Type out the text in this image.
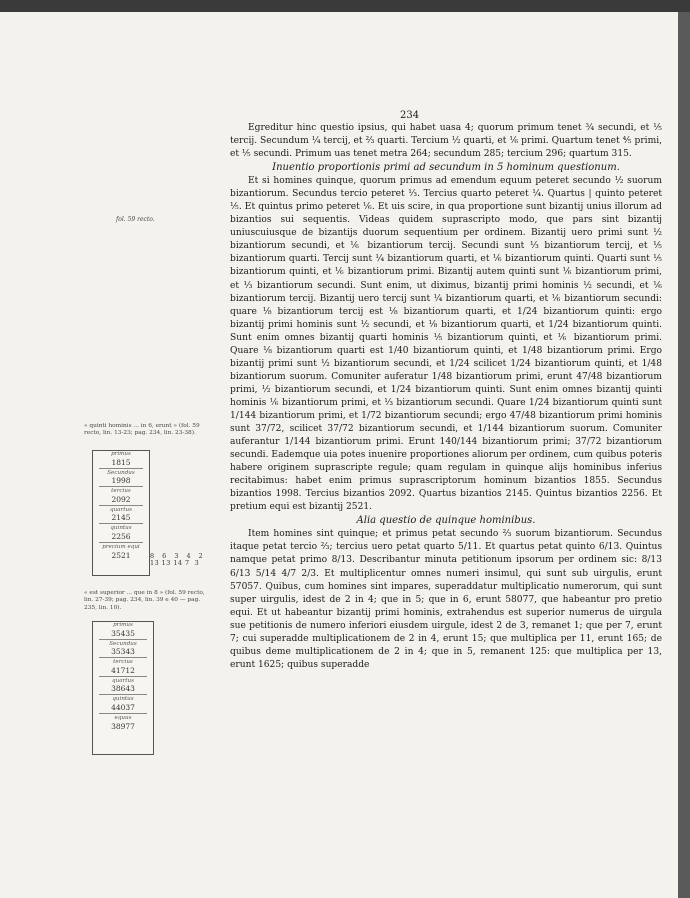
234
fol. 59 recto.
« quinti hominis ... in 6, erunt » (fol. 59 recto, lin. 13-23; pag. 234, lin. 23-38).
primus
1815
Secundus
1998
tercius
2092
quartus
2145
quintus
2256
precium equi
2521	8   6   3   4   2
13 13 14 7  3
« est superior ... que in 8 » (fol. 59 recto, lin. 27-39; pag. 234, lin. 39 e 40 — pag. 235, lin. 10).
primus
35435
Secundus
35343
tercius
41712
quartus
38643
quintus
44037
equus
38977

Egreditur hinc questio ipsius, qui habet uasa 4; quorum primum tenet ¾ secundi, et ⅕ tercij. Secundum ¼ tercij, et ⅔ quarti. Tercium ½ quarti, et ⅙ primi. Quartum tenet ⅘ primi, et ⅕ secundi. Primum uas tenet metra 264; secundum 285; tercium 296; quartum 315.

Inuentio proportionis primi ad secundum in 5 hominum questionum.

Et si homines quinque, quorum primus ad emendum equum peteret secundo ½ suorum bizantiorum. Secundus tercio peteret ⅓. Tercius quarto peteret ¼. Quartus | quinto peteret ⅕. Et quintus primo peteret ⅙. Et uis scire, in qua proportione sunt bizantij unius illorum ad bizantios sui sequentis. Videas quidem suprascripto modo, que pars sint bizantij uniuscuiusque de bizantijs duorum sequentium per ordinem. Bizantij uero primi sunt ½ bizantiorum secundi, et ⅙ bizantiorum tercij. Secundi sunt ⅓ bizantiorum tercij, et ⅕ bizantiorum quarti. Tercij sunt ¼ bizantiorum quarti, et ⅙ bizantiorum quinti. Quarti sunt ⅕ bizantiorum quinti, et ⅙ bizantiorum primi. Bizantij autem quinti sunt ⅙ bizantiorum primi, et ⅓ bizantiorum secundi. Sunt enim, ut diximus, bizantij primi hominis ½ secundi, et ⅙ bizantiorum tercij. Bizantij uero tercij sunt ¼ bizantiorum quarti, et ⅙ bizantiorum secundi: quare ⅛ bizantiorum tercij est ⅛ bizantiorum quarti, et 1/24 bizantiorum quinti: ergo bizantij primi hominis sunt ½ secundi, et ⅛ bizantiorum quarti, et 1/24 bizantiorum quinti. Sunt enim omnes bizantij quarti hominis ⅕ bizantiorum quinti, et ⅙ bizantiorum primi. Quare ⅛ bizantiorum quarti est 1/40 bizantiorum quinti, et 1/48 bizantiorum primi. Ergo bizantij primi sunt ½ bizantiorum secundi, et 1/24 scilicet 1/24 bizantiorum quinti, et 1/48 bizantiorum suorum. Comuniter auferatur 1/48 bizantiorum primi, erunt 47/48 bizantiorum primi, ½ bizantiorum secundi, et 1/24 bizantiorum quinti. Sunt enim omnes bizantij quinti hominis ⅙ bizantiorum primi, et ⅓ bizantiorum secundi. Quare 1/24 bizantiorum quinti sunt 1/144 bizantiorum primi, et 1/72 bizantiorum secundi; ergo 47/48 bizantiorum primi hominis sunt 37/72, scilicet 37/72 bizantiorum secundi, et 1/144 bizantiorum suorum. Comuniter auferantur 1/144 bizantiorum primi. Erunt 140/144 bizantiorum primi; 37/72 bizantiorum secundi. Eademque uia potes inuenire proportiones aliorum per ordinem, cum quibus poteris habere originem suprascripte regule; quam regulam in quinque alijs hominibus inferius recitabimus: habet enim primus suprascriptorum hominum bizantios 1855. Secundus bizantios 1998. Tercius bizantios 2092. Quartus bizantios 2145. Quintus bizantios 2256. Et pretium equi est bizantij 2521.

Alia questio de quinque hominibus.

Item homines sint quinque; et primus petat secundo ⅔ suorum bizantiorum. Secundus itaque petat tercio ⅔; tercius uero petat quarto 5/11. Et quartus petat quinto 6/13. Quintus namque petat primo 8/13. Describantur minuta petitionum ipsorum per ordinem sic: 8/13 6/13 5/14 4/7 2/3. Et multiplicentur omnes numeri insimul, qui sunt sub uirgulis, erunt 57057. Quibus, cum homines sint impares, superaddatur multiplicatio numerorum, qui sunt super uirgulis, idest de 2 in 4; que in 5; que in 6, erunt 58077, que habeantur pro pretio equi. Et ut habeantur bizantij primi hominis, extrahendus est superior numerus de uirgula sue petitionis de numero inferiori eiusdem uirgule, idest 2 de 3, remanet 1; que per 7, erunt 7; cui superadde multiplicationem de 2 in 4, erunt 15; que multiplica per 11, erunt 165; de quibus deme multiplicationem de 2 in 4; que in 5, remanent 125: que multiplica per 13, erunt 1625; quibus superadde
